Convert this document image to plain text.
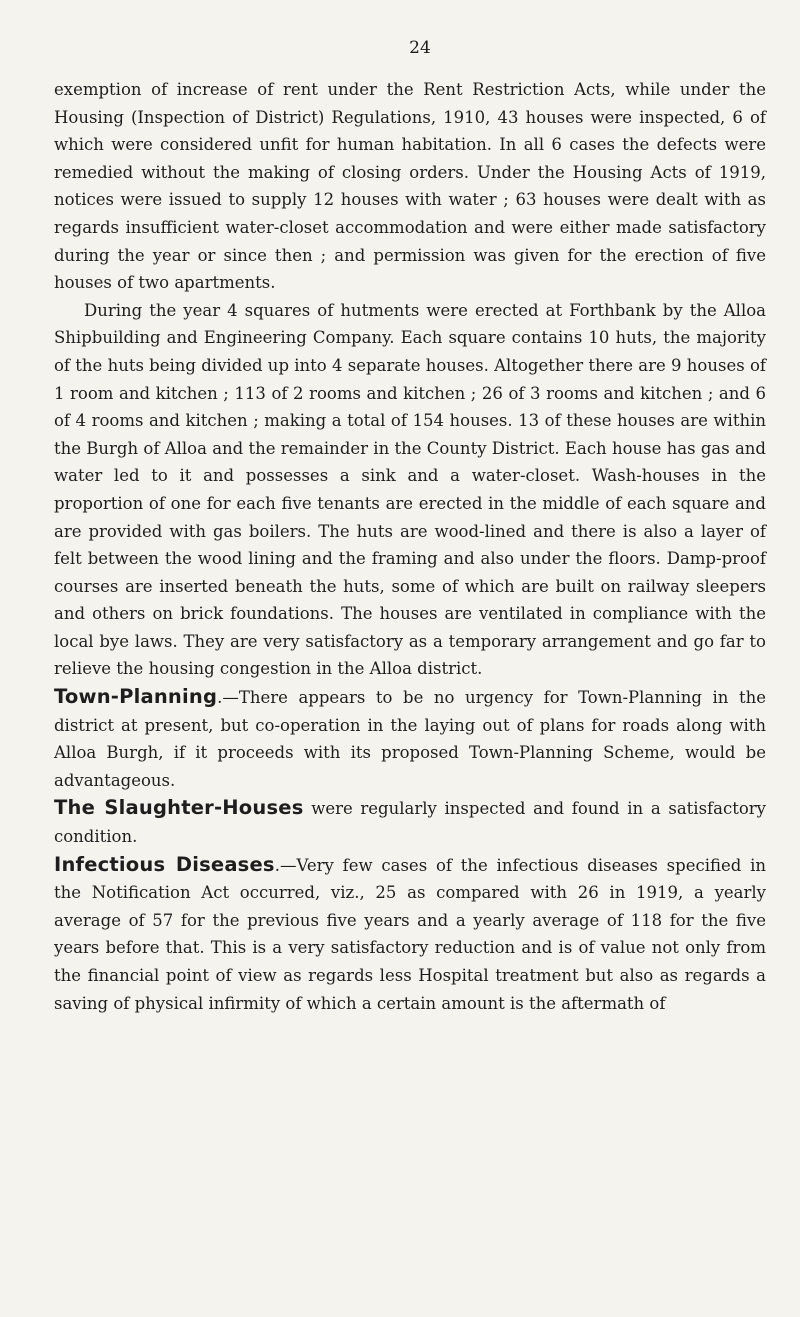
24

exemption of increase of rent under the Rent Restriction Acts, while under the Housing (Inspection of District) Regulations, 1910, 43 houses were inspected, 6 of which were considered unfit for human habitation. In all 6 cases the defects were remedied without the making of closing orders. Under the Housing Acts of 1919, notices were issued to supply 12 houses with water ; 63 houses were dealt with as regards insufficient water-closet accommodation and were either made satisfactory during the year or since then ; and permission was given for the erection of five houses of two apartments.

During the year 4 squares of hutments were erected at Forthbank by the Alloa Shipbuilding and Engineering Company. Each square contains 10 huts, the majority of the huts being divided up into 4 separate houses. Altogether there are 9 houses of 1 room and kitchen ; 113 of 2 rooms and kitchen ; 26 of 3 rooms and kitchen ; and 6 of 4 rooms and kitchen ; making a total of 154 houses. 13 of these houses are within the Burgh of Alloa and the remainder in the County District. Each house has gas and water led to it and possesses a sink and a water-closet. Wash-houses in the proportion of one for each five tenants are erected in the middle of each square and are provided with gas boilers. The huts are wood-lined and there is also a layer of felt between the wood lining and the framing and also under the floors. Damp-proof courses are inserted beneath the huts, some of which are built on railway sleepers and others on brick foundations. The houses are ventilated in compliance with the local bye laws. They are very satisfactory as a temporary arrangement and go far to relieve the housing congestion in the Alloa district.

Town-Planning.—There appears to be no urgency for Town-Planning in the district at present, but co-operation in the laying out of plans for roads along with Alloa Burgh, if it proceeds with its proposed Town-Planning Scheme, would be advantageous.

The Slaughter-Houses were regularly inspected and found in a satisfactory condition.

Infectious Diseases.—Very few cases of the infectious diseases specified in the Notification Act occurred, viz., 25 as compared with 26 in 1919, a yearly average of 57 for the previous five years and a yearly average of 118 for the five years before that. This is a very satisfactory reduction and is of value not only from the financial point of view as regards less Hospital treatment but also as regards a saving of physical infirmity of which a certain amount is the aftermath of
